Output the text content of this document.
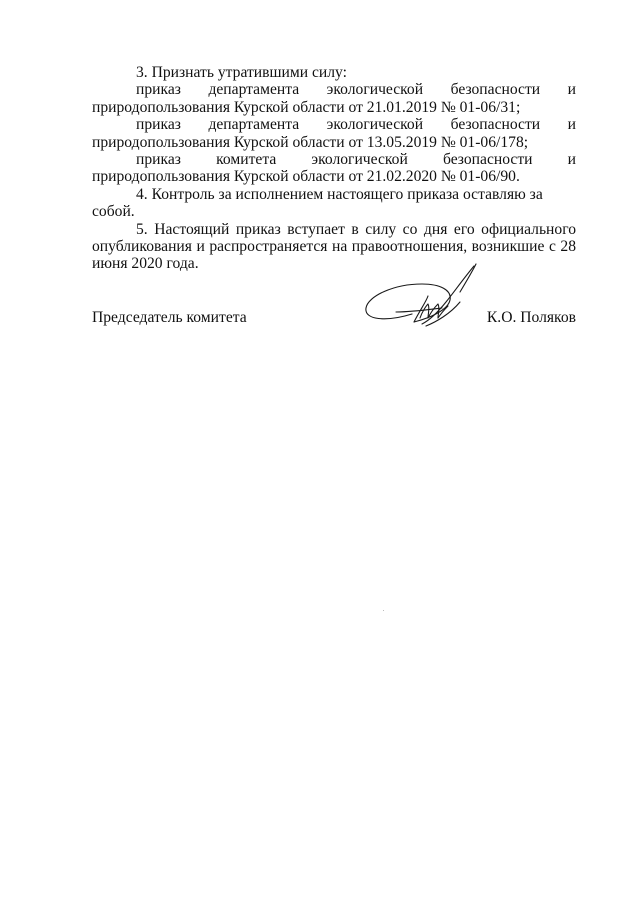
3. Признать утратившими силу:

приказ департамента экологической безопасности и природопользования Курской области от 21.01.2019 № 01-06/31;

приказ департамента экологической безопасности и природопользования Курской области от 13.05.2019 № 01-06/178;

приказ комитета экологической безопасности и природопользования Курской области от 21.02.2020 № 01-06/90.

4. Контроль за исполнением настоящего приказа оставляю за собой.

5. Настоящий приказ вступает в силу со дня его официального опубликования и распространяется на правоотношения, возникшие с 28 июня 2020 года.

Председатель комитета	К.О. Поляков
